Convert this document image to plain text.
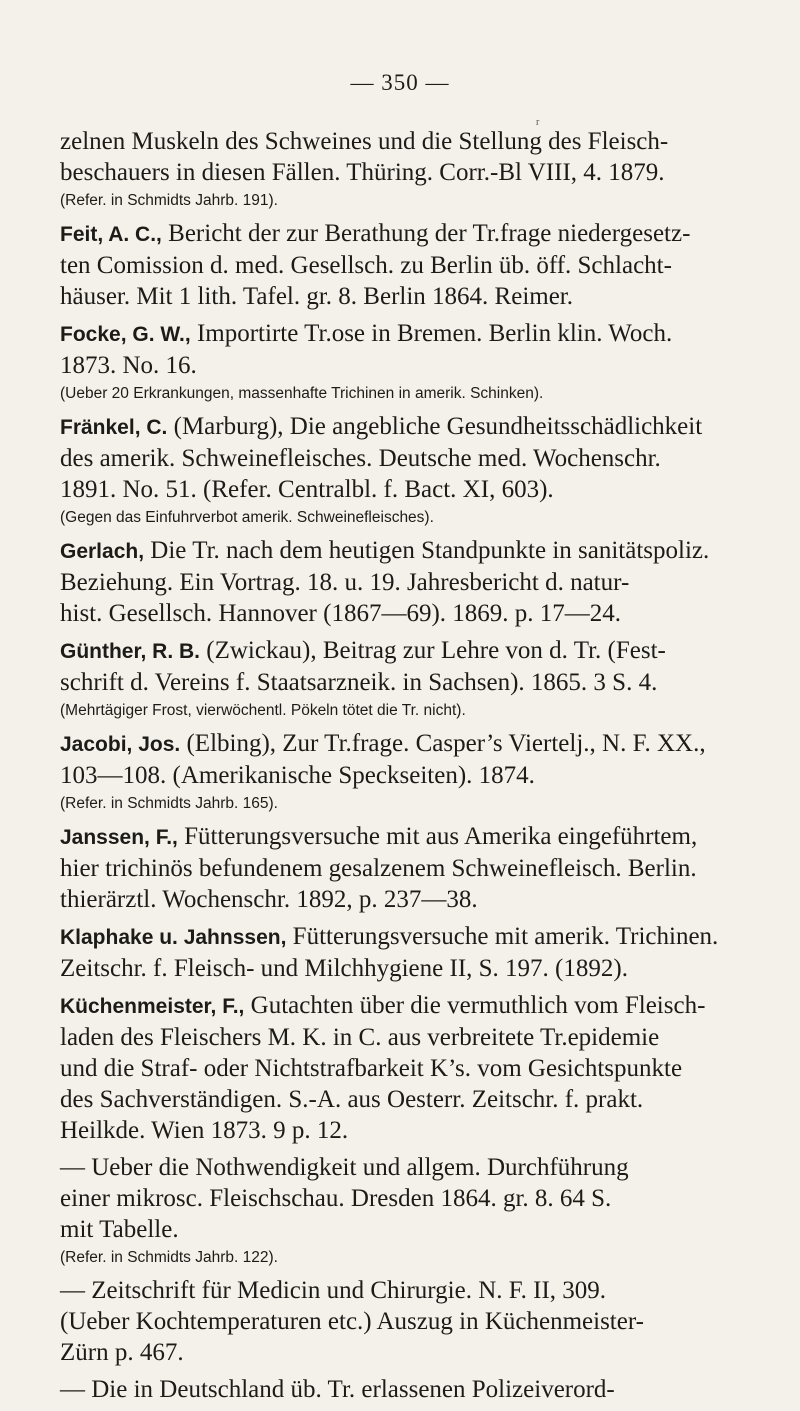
— 350 —
r
zelnen Muskeln des Schweines und die Stellung des Fleisch-
beschauers in diesen Fällen. Thüring. Corr.-Bl VIII, 4. 1879.
(Refer. in Schmidts Jahrb. 191).
Feit, A. C., Bericht der zur Berathung der Tr.frage niedergesetz-
ten Comission d. med. Gesellsch. zu Berlin üb. öff. Schlacht-
häuser. Mit 1 lith. Tafel. gr. 8. Berlin 1864. Reimer.
Focke, G. W., Importirte Tr.ose in Bremen. Berlin klin. Woch.
1873. No. 16.
(Ueber 20 Erkrankungen, massenhafte Trichinen in amerik. Schinken).
Fränkel, C. (Marburg), Die angebliche Gesundheitsschädlichkeit
des amerik. Schweinefleisches. Deutsche med. Wochenschr.
1891. No. 51. (Refer. Centralbl. f. Bact. XI, 603).
(Gegen das Einfuhrverbot amerik. Schweinefleisches).
Gerlach, Die Tr. nach dem heutigen Standpunkte in sanitätspoliz.
Beziehung. Ein Vortrag. 18. u. 19. Jahresbericht d. natur-
hist. Gesellsch. Hannover (1867—69). 1869. p. 17—24.
Günther, R. B. (Zwickau), Beitrag zur Lehre von d. Tr. (Fest-
schrift d. Vereins f. Staatsarzneik. in Sachsen). 1865. 3 S. 4.
(Mehrtägiger Frost, vierwöchentl. Pökeln tötet die Tr. nicht).
Jacobi, Jos. (Elbing), Zur Tr.frage. Casper’s Viertelj., N. F. XX.,
103—108. (Amerikanische Speckseiten). 1874.
(Refer. in Schmidts Jahrb. 165).
Janssen, F., Fütterungsversuche mit aus Amerika eingeführtem,
hier trichinös befundenem gesalzenem Schweinefleisch. Berlin.
thierärztl. Wochenschr. 1892, p. 237—38.
Klaphake u. Jahnssen, Fütterungsversuche mit amerik. Trichinen.
Zeitschr. f. Fleisch- und Milchhygiene II, S. 197. (1892).
Küchenmeister, F., Gutachten über die vermuthlich vom Fleisch-
laden des Fleischers M. K. in C. aus verbreitete Tr.epidemie
und die Straf- oder Nichtstrafbarkeit K’s. vom Gesichtspunkte
des Sachverständigen. S.-A. aus Oesterr. Zeitschr. f. prakt.
Heilkde. Wien 1873. 9 p. 12.
— Ueber die Nothwendigkeit und allgem. Durchführung
einer mikrosc. Fleischschau. Dresden 1864. gr. 8. 64 S.
mit Tabelle.
(Refer. in Schmidts Jahrb. 122).
— Zeitschrift für Medicin und Chirurgie. N. F. II, 309.
(Ueber Kochtemperaturen etc.) Auszug in Küchenmeister-
Zürn p. 467.
— Die in Deutschland üb. Tr. erlassenen Polizeiverord-
